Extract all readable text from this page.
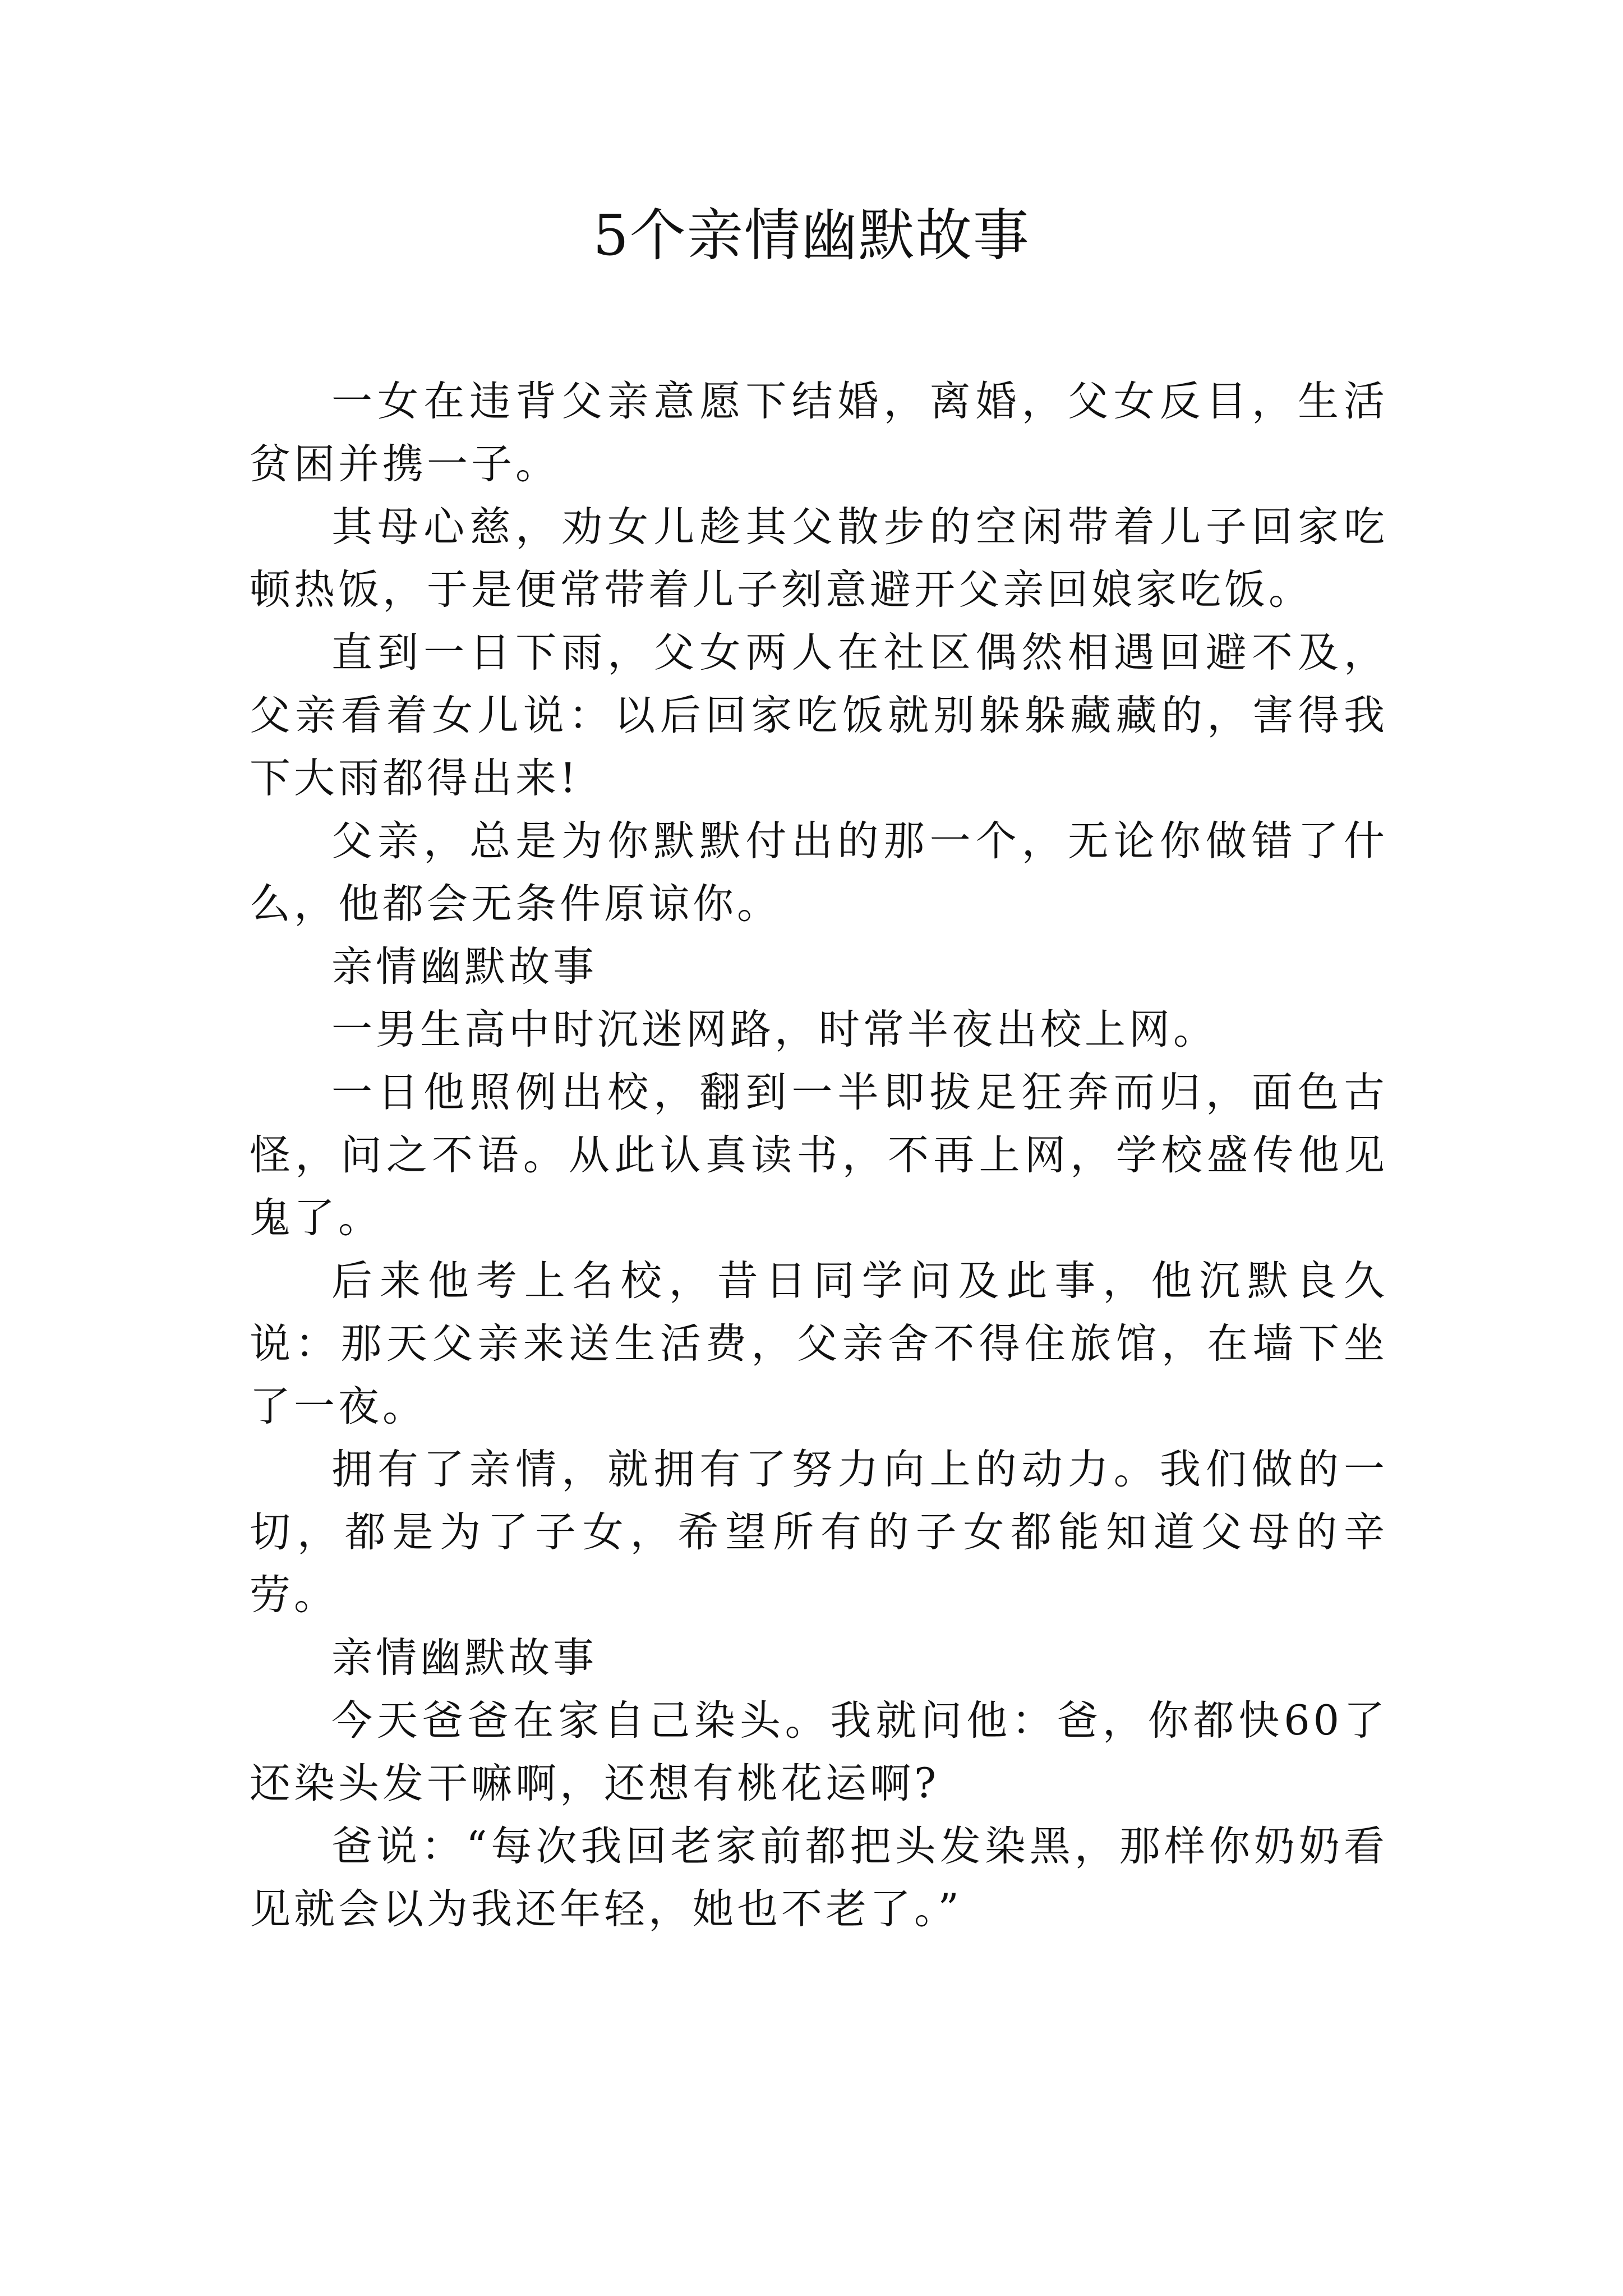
5个亲情幽默故事

一女在违背父亲意愿下结婚，离婚，父女反目，生活贫困并携一子。

其母心慈，劝女儿趁其父散步的空闲带着儿子回家吃顿热饭，于是便常带着儿子刻意避开父亲回娘家吃饭。

直到一日下雨，父女两人在社区偶然相遇回避不及，父亲看着女儿说：以后回家吃饭就别躲躲藏藏的，害得我下大雨都得出来!

父亲，总是为你默默付出的那一个，无论你做错了什么，他都会无条件原谅你。

亲情幽默故事

一男生高中时沉迷网路，时常半夜出校上网。

一日他照例出校，翻到一半即拔足狂奔而归，面色古怪，问之不语。从此认真读书，不再上网，学校盛传他见鬼了。

后来他考上名校，昔日同学问及此事，他沉默良久说：那天父亲来送生活费，父亲舍不得住旅馆，在墙下坐了一夜。

拥有了亲情，就拥有了努力向上的动力。我们做的一切，都是为了子女，希望所有的子女都能知道父母的辛劳。

亲情幽默故事

今天爸爸在家自己染头。我就问他：爸，你都快60了还染头发干嘛啊，还想有桃花运啊?

爸说：“每次我回老家前都把头发染黑，那样你奶奶看见就会以为我还年轻，她也不老了。”
